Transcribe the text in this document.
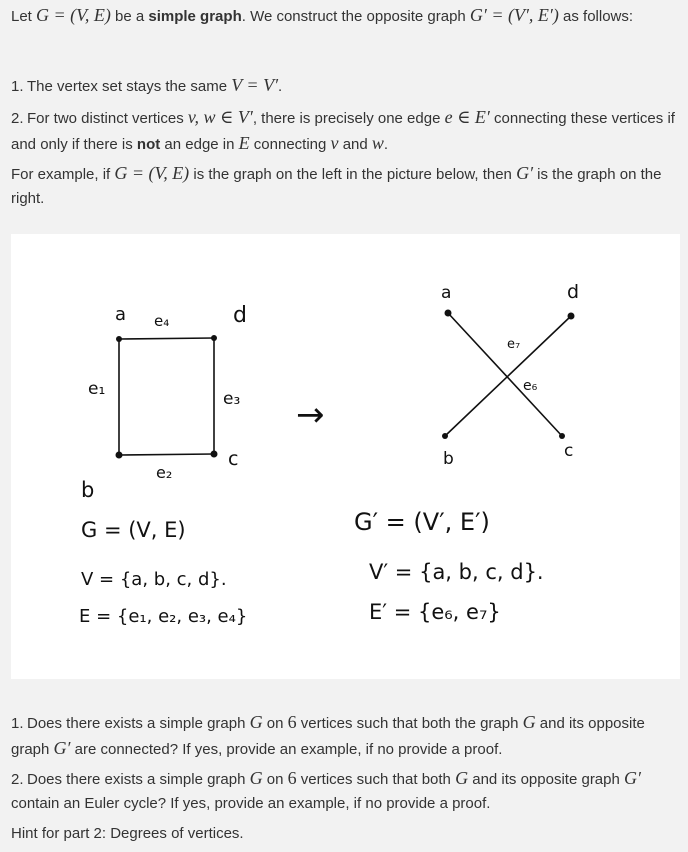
Let G = (V, E) be a simple graph. We construct the opposite graph G′ = (V′, E′) as follows:

1. The vertex set stays the same V = V′.
2. For two distinct vertices v, w ∈ V′, there is precisely one edge e ∈ E′ connecting these vertices if and only if there is not an edge in E connecting v and w.

For example, if G = (V, E) is the graph on the left in the picture below, then G′ is the graph on the right.

a	d
e₄
e₁	e₃
c
e₂
b
→
a	d
e₇
e₆
b	c
G = (V, E)
V = {a, b, c, d}.
E = {e₁, e₂, e₃, e₄}
G′ = (V′, E′)
V′ = {a, b, c, d}.
E′ = {e₆, e₇}
1. Does there exists a simple graph G on 6 vertices such that both the graph G and its opposite graph G′ are connected? If yes, provide an example, if no provide a proof.
2. Does there exists a simple graph G on 6 vertices such that both G and its opposite graph G′ contain an Euler cycle? If yes, provide an example, if no provide a proof.

Hint for part 2: Degrees of vertices.
